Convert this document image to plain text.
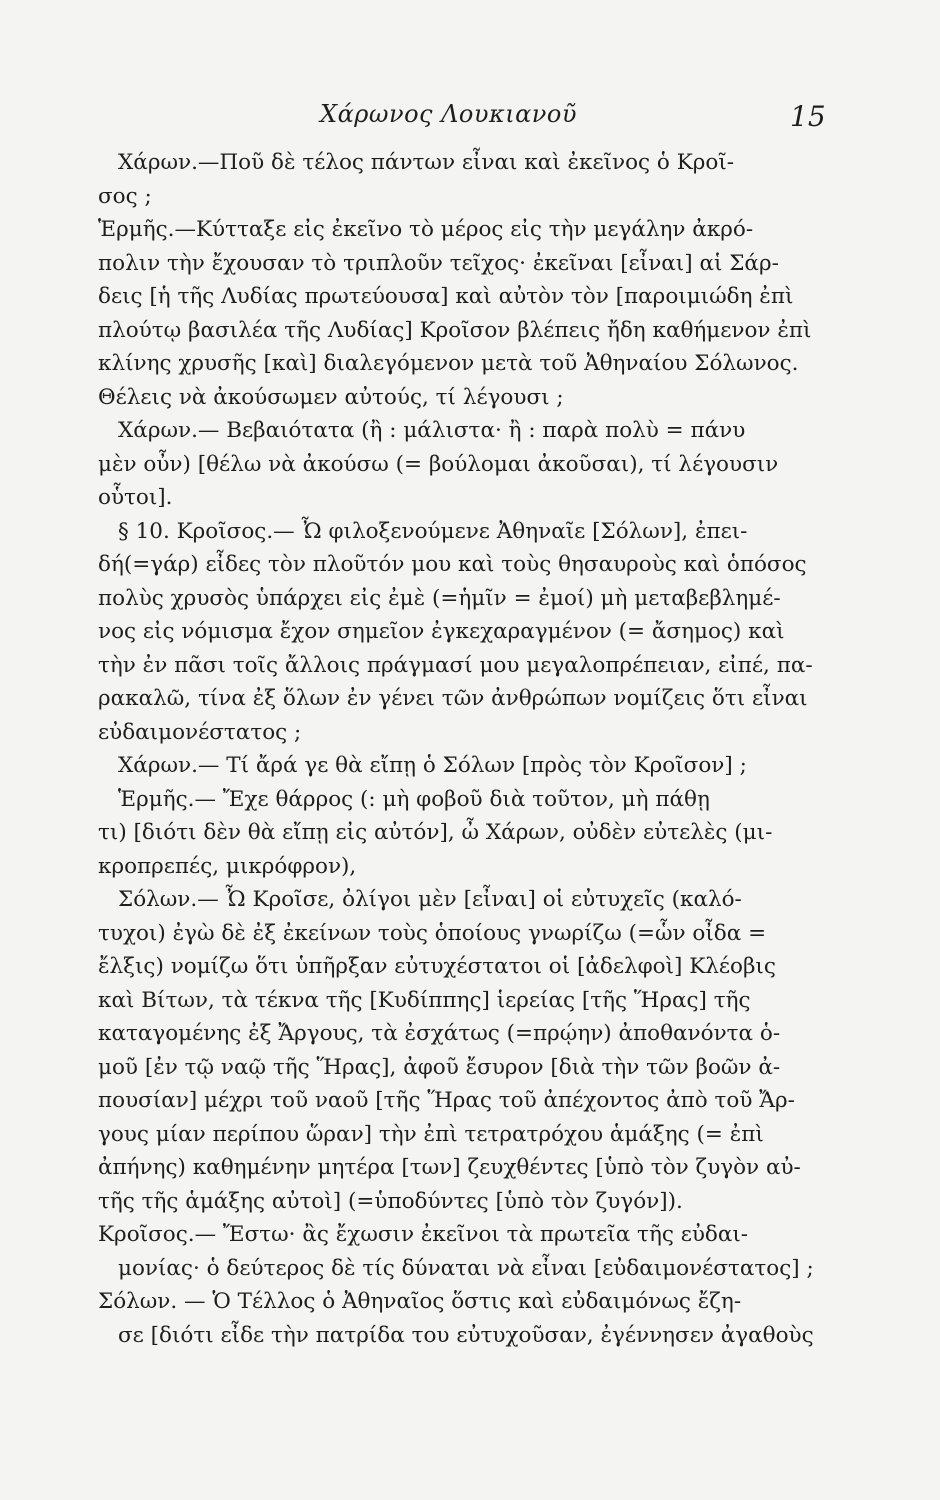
Χάρωνος Λουκιανοῦ	15
Χάρων.—Ποῦ δὲ τέλος πάντων εἶναι καὶ ἐκεῖνος ὁ Κροῖ-
σος ;
Ἑρμῆς.—Κύτταξε εἰς ἐκεῖνο τὸ μέρος εἰς τὴν μεγάλην ἀκρό-
πολιν τὴν ἔχουσαν τὸ τριπλοῦν τεῖχος· ἐκεῖναι [εἶναι] αἱ Σάρ-
δεις [ἡ τῆς Λυδίας πρωτεύουσα] καὶ αὐτὸν τὸν [παροιμιώδη ἐπὶ
πλούτῳ βασιλέα τῆς Λυδίας] Κροῖσον βλέπεις ἤδη καθήμενον ἐπὶ
κλίνης χρυσῆς [καὶ] διαλεγόμενον μετὰ τοῦ Ἀθηναίου Σόλωνος.
Θέλεις νὰ ἀκούσωμεν αὐτούς, τί λέγουσι ;
Χάρων.— Βεβαιότατα (ἢ : μάλιστα· ἢ : παρὰ πολὺ = πάνυ
μὲν οὖν) [θέλω νὰ ἀκούσω (= βούλομαι ἀκοῦσαι), τί λέγουσιν
οὗτοι].
§ 10. Κροῖσος.— Ὦ φιλοξενούμενε Ἀθηναῖε [Σόλων], ἐπει-
δή(=γάρ) εἶδες τὸν πλοῦτόν μου καὶ τοὺς θησαυροὺς καὶ ὁπόσος
πολὺς χρυσὸς ὑπάρχει εἰς ἐμὲ (=ἡμῖν = ἐμοί) μὴ μεταβεβλημέ-
νος εἰς νόμισμα ἔχον σημεῖον ἐγκεχαραγμένον (= ἄσημος) καὶ
τὴν ἐν πᾶσι τοῖς ἄλλοις πράγμασί μου μεγαλοπρέπειαν, εἰπέ, πα-
ρακαλῶ, τίνα ἐξ ὅλων ἐν γένει τῶν ἀνθρώπων νομίζεις ὅτι εἶναι
εὐδαιμονέστατος ;
Χάρων.— Τί ἄρά γε θὰ εἴπῃ ὁ Σόλων [πρὸς τὸν Κροῖσον] ;
Ἑρμῆς.— Ἔχε θάρρος (: μὴ φοβοῦ διὰ τοῦτον, μὴ πάθῃ
τι) [διότι δὲν θὰ εἴπῃ εἰς αὐτόν], ὦ Χάρων, οὐδὲν εὐτελὲς (μι-
κροπρεπές, μικρόφρον),
Σόλων.— Ὦ Κροῖσε, ὀλίγοι μὲν [εἶναι] οἱ εὐτυχεῖς (καλό-
τυχοι) ἐγὼ δὲ ἐξ ἐκείνων τοὺς ὁποίους γνωρίζω (=ὧν οἶδα =
ἔλξις) νομίζω ὅτι ὑπῆρξαν εὐτυχέστατοι οἱ [ἀδελφοὶ] Κλέοβις
καὶ Βίτων, τὰ τέκνα τῆς [Κυδίππης] ἱερείας [τῆς Ἥρας] τῆς
καταγομένης ἐξ Ἄργους, τὰ ἐσχάτως (=πρῴην) ἀποθανόντα ὁ-
μοῦ [ἐν τῷ ναῷ τῆς Ἥρας], ἀφοῦ ἔσυρον [διὰ τὴν τῶν βοῶν ἀ-
πουσίαν] μέχρι τοῦ ναοῦ [τῆς Ἥρας τοῦ ἀπέχοντος ἀπὸ τοῦ Ἄρ-
γους μίαν περίπου ὥραν] τὴν ἐπὶ τετρατρόχου ἁμάξης (= ἐπὶ
ἀπήνης) καθημένην μητέρα [των] ζευχθέντες [ὑπὸ τὸν ζυγὸν αὐ-
τῆς τῆς ἁμάξης αὐτοὶ] (=ὑποδύντες [ὑπὸ τὸν ζυγόν]).
Κροῖσος.— Ἔστω· ἂς ἔχωσιν ἐκεῖνοι τὰ πρωτεῖα τῆς εὐδαι-
μονίας· ὁ δεύτερος δὲ τίς δύναται νὰ εἶναι [εὐδαιμονέστατος] ;
Σόλων. — Ὁ Τέλλος ὁ Ἀθηναῖος ὅστις καὶ εὐδαιμόνως ἔζη-
σε [διότι εἶδε τὴν πατρίδα του εὐτυχοῦσαν, ἐγέννησεν ἀγαθοὺς
